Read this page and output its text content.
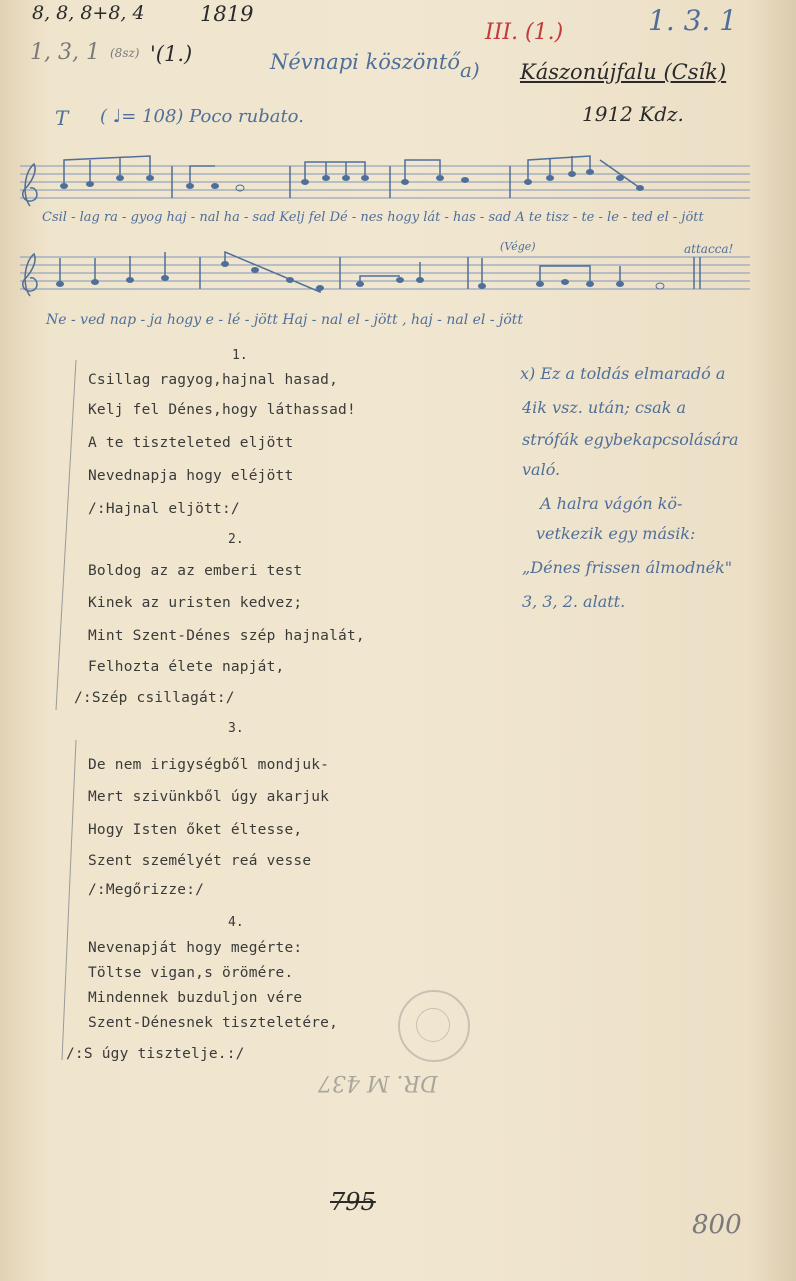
8, 8, 8+8, 4	1819
1, 3, 1 (8sz) '(1.)	Névnapi köszöntő a)
III. (1.)	1. 3. 1
Kászonújfalu (Csík)
1912 Kdz.
T ( ♩= 108) Poco rubato.
Csil - lag ra - gyog haj - nal ha - sad Kelj fel Dé - nes hogy lát - has - sad A te tisz - te - le - ted el - jött
Ne - ved nap - ja hogy e - lé - jött Haj - nal el - jött , haj - nal el - jött
(Vége)	attacca!
1.
Csillag ragyog,hajnal hasad,
Kelj fel Dénes,hogy láthassad!
A te tiszteleted eljött
Nevednapja hogy eléjött
/:Hajnal eljött:/
2.
Boldog az az emberi test
Kinek az uristen kedvez;
Mint Szent-Dénes szép hajnalát,
Felhozta élete napját,
/:Szép csillagát:/
3.
De nem irigységből mondjuk-
Mert szivünkből úgy akarjuk
Hogy Isten őket éltesse,
Szent személyét reá vesse
/:Megőrizze:/
4.
Nevenapját hogy megérte:
Töltse vigan,s örömére.
Mindennek buzduljon vére
Szent-Dénesnek tiszteletére,
/:S úgy tisztelje.:/
x) Ez a toldás elmaradó a
4ik vsz. után; csak a
strófák egybekapcsolására
való.
A halra vágón kö-
vetkezik egy másik:
„Dénes frissen álmodnék"
3, 3, 2. alatt.
DR. M 437
795
800
